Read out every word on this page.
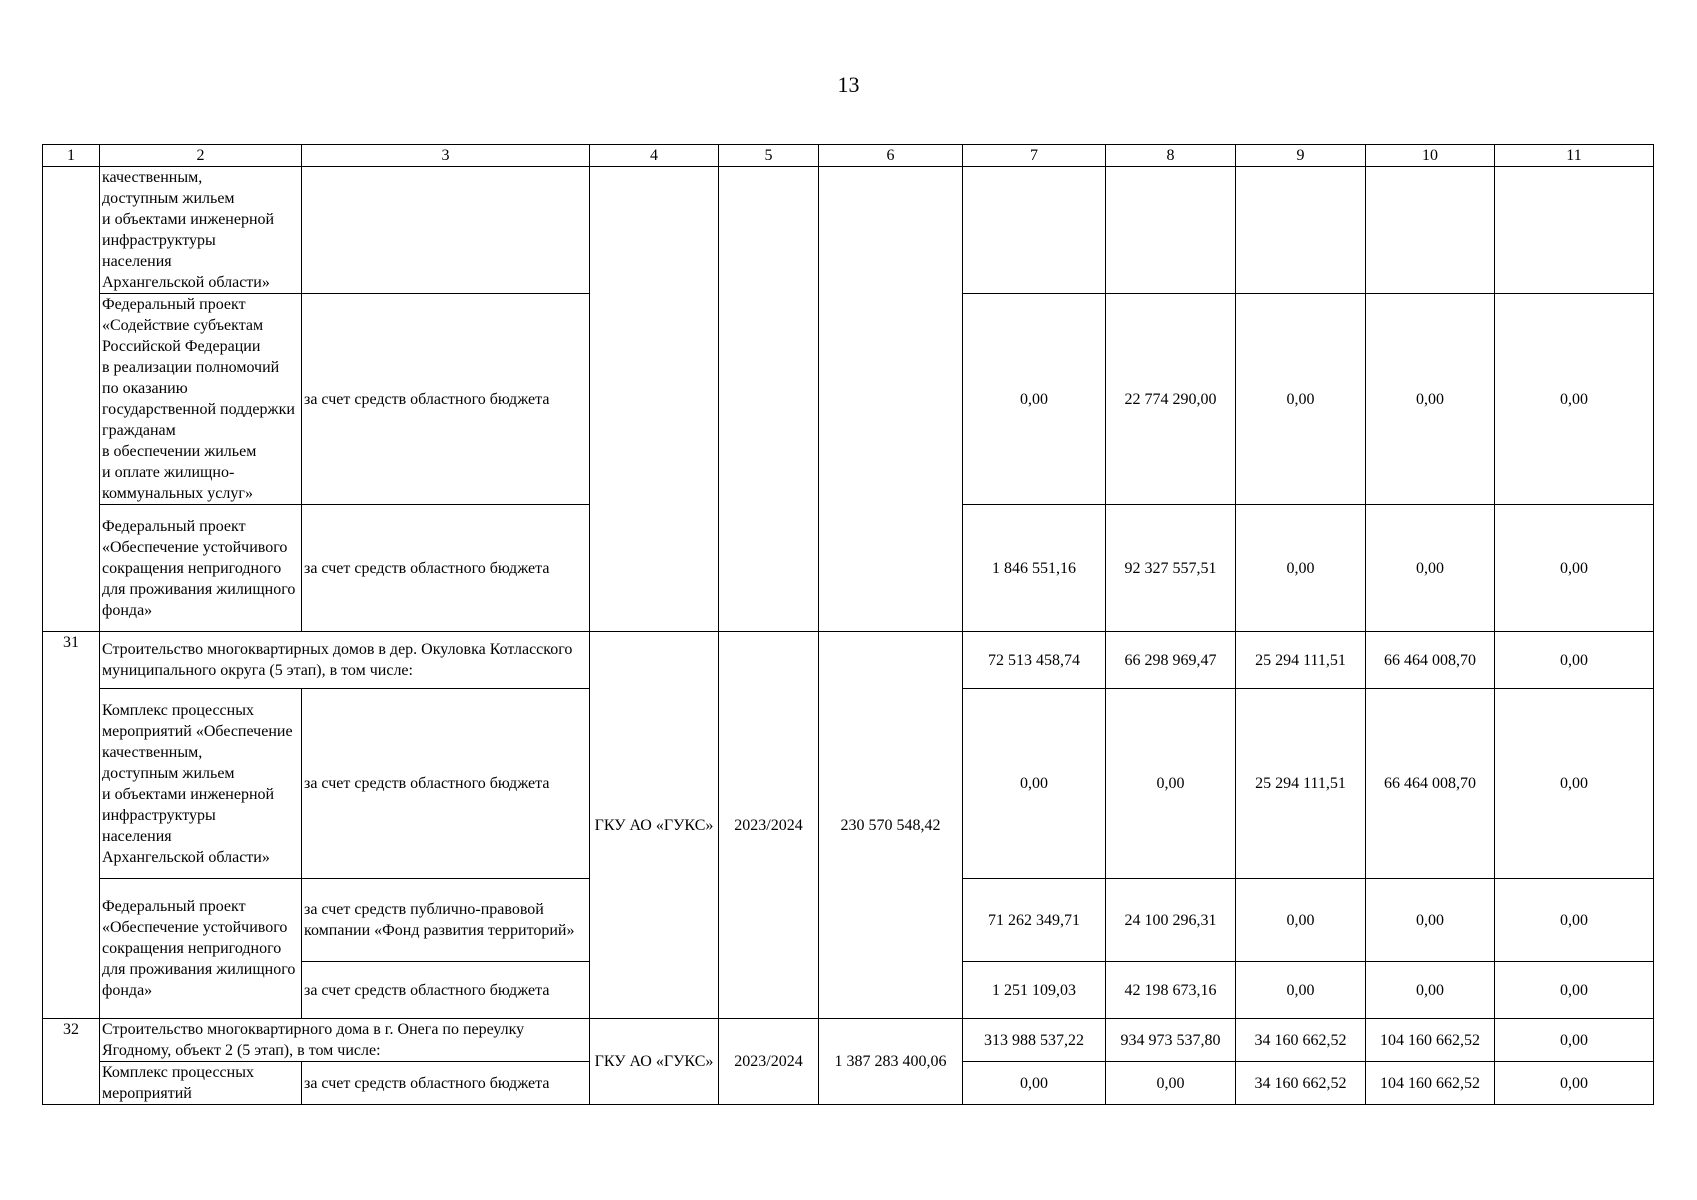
13
1	2	3	4	5	6	7	8	9	10	11
	качественным,
доступным жильем
и объектами инженерной инфраструктуры
населения
Архангельской области»									
	Федеральный проект «Содействие субъектам Российской Федерации
в реализации полномочий по оказанию государственной поддержки гражданам
в обеспечении жильем
и оплате жилищно-коммунальных услуг»	за счет средств областного бюджета				0,00	22 774 290,00	0,00	0,00	0,00
	Федеральный проект «Обеспечение устойчивого сокращения непригодного
для проживания жилищного фонда»	за счет средств областного бюджета				1 846 551,16	92 327 557,51	0,00	0,00	0,00
31	Строительство многоквартирных домов в дер. Окуловка Котласского муниципального округа (5 этап), в том числе:		ГКУ АО «ГУКС»	2023/2024	230 570 548,42	72 513 458,74	66 298 969,47	25 294 111,51	66 464 008,70	0,00
	Комплекс процессных мероприятий «Обеспечение качественным,
доступным жильем
и объектами инженерной инфраструктуры
населения
Архангельской области»	за счет средств областного бюджета				0,00	0,00	25 294 111,51	66 464 008,70	0,00
	Федеральный проект «Обеспечение устойчивого сокращения непригодного
для проживания жилищного фонда»	за счет средств публично-правовой компании «Фонд развития территорий»				71 262 349,71	24 100 296,31	0,00	0,00	0,00
		за счет средств областного бюджета				1 251 109,03	42 198 673,16	0,00	0,00	0,00
32	Строительство многоквартирного дома в г. Онега по переулку Ягодному, объект 2 (5 этап), в том числе:		ГКУ АО «ГУКС»	2023/2024	1 387 283 400,06	313 988 537,22	934 973 537,80	34 160 662,52	104 160 662,52	0,00
	Комплекс процессных мероприятий	за счет средств областного бюджета				0,00	0,00	34 160 662,52	104 160 662,52	0,00
